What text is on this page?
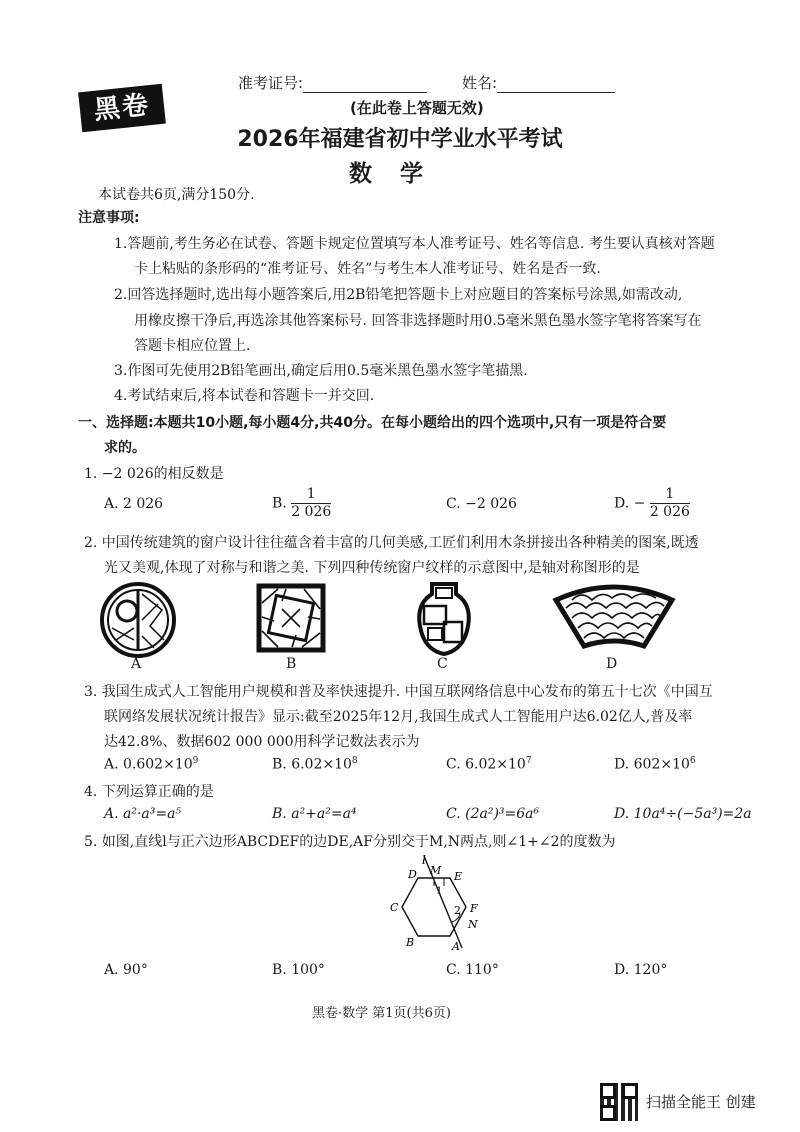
黑卷
准考证号:	姓名:
(在此卷上答题无效)
2026年福建省初中学业水平考试
数学
本试卷共6页,满分150分.
注意事项:
1.答题前,考生务必在试卷、答题卡规定位置填写本人准考证号、姓名等信息. 考生要认真核对答题
卡上粘贴的条形码的“准考证号、姓名”与考生本人准考证号、姓名是否一致.
2.回答选择题时,选出每小题答案后,用2B铅笔把答题卡上对应题目的答案标号涂黑,如需改动,
用橡皮擦干净后,再选涂其他答案标号. 回答非选择题时用0.5毫米黑色墨水签字笔将答案写在
答题卡相应位置上.
3.作图可先使用2B铅笔画出,确定后用0.5毫米黑色墨水签字笔描黑.
4.考试结束后,将本试卷和答题卡一并交回.
一、选择题:本题共10小题,每小题4分,共40分。在每小题给出的四个选项中,只有一项是符合要
求的。
1. −2 026的相反数是
A. 2 026	B. $\frac{1}{2 026}$	C. −2 026	D. − $\frac{1}{2 026}$
2. 中国传统建筑的窗户设计往往蕴含着丰富的几何美感,工匠们利用木条拼接出各种精美的图案,既透
光又美观,体现了对称与和谐之美. 下列四种传统窗户纹样的示意图中,是轴对称图形的是
A	B	C	D
3. 我国生成式人工智能用户规模和普及率快速提升. 中国互联网络信息中心发布的第五十七次《中国互
联网络发展状况统计报告》显示:截至2025年12月,我国生成式人工智能用户达6.02亿人,普及率
达42.8%、数据602 000 000用科学记数法表示为
A. $0.602\times 10^9$	B. $6.02\times 10^8$	C. $6.02\times 10^7$	D. $602\times 10^6$
4. 下列运算正确的是
A. a²·a³=a⁵	B. a²+a²=a⁴	C. (2a²)³=6a⁶	D. 10a⁴÷(−5a³)=2a
5. 如图,直线l与正六边形ABCDEF的边DE,AF分别交于M,N两点,则∠1+∠2的度数为
l
D M E
C	F
B	A
N
1
2
A. 90°	B. 100°	C. 110°	D. 120°
黑卷·数学 第1页(共6页)
扫描全能王 创建
